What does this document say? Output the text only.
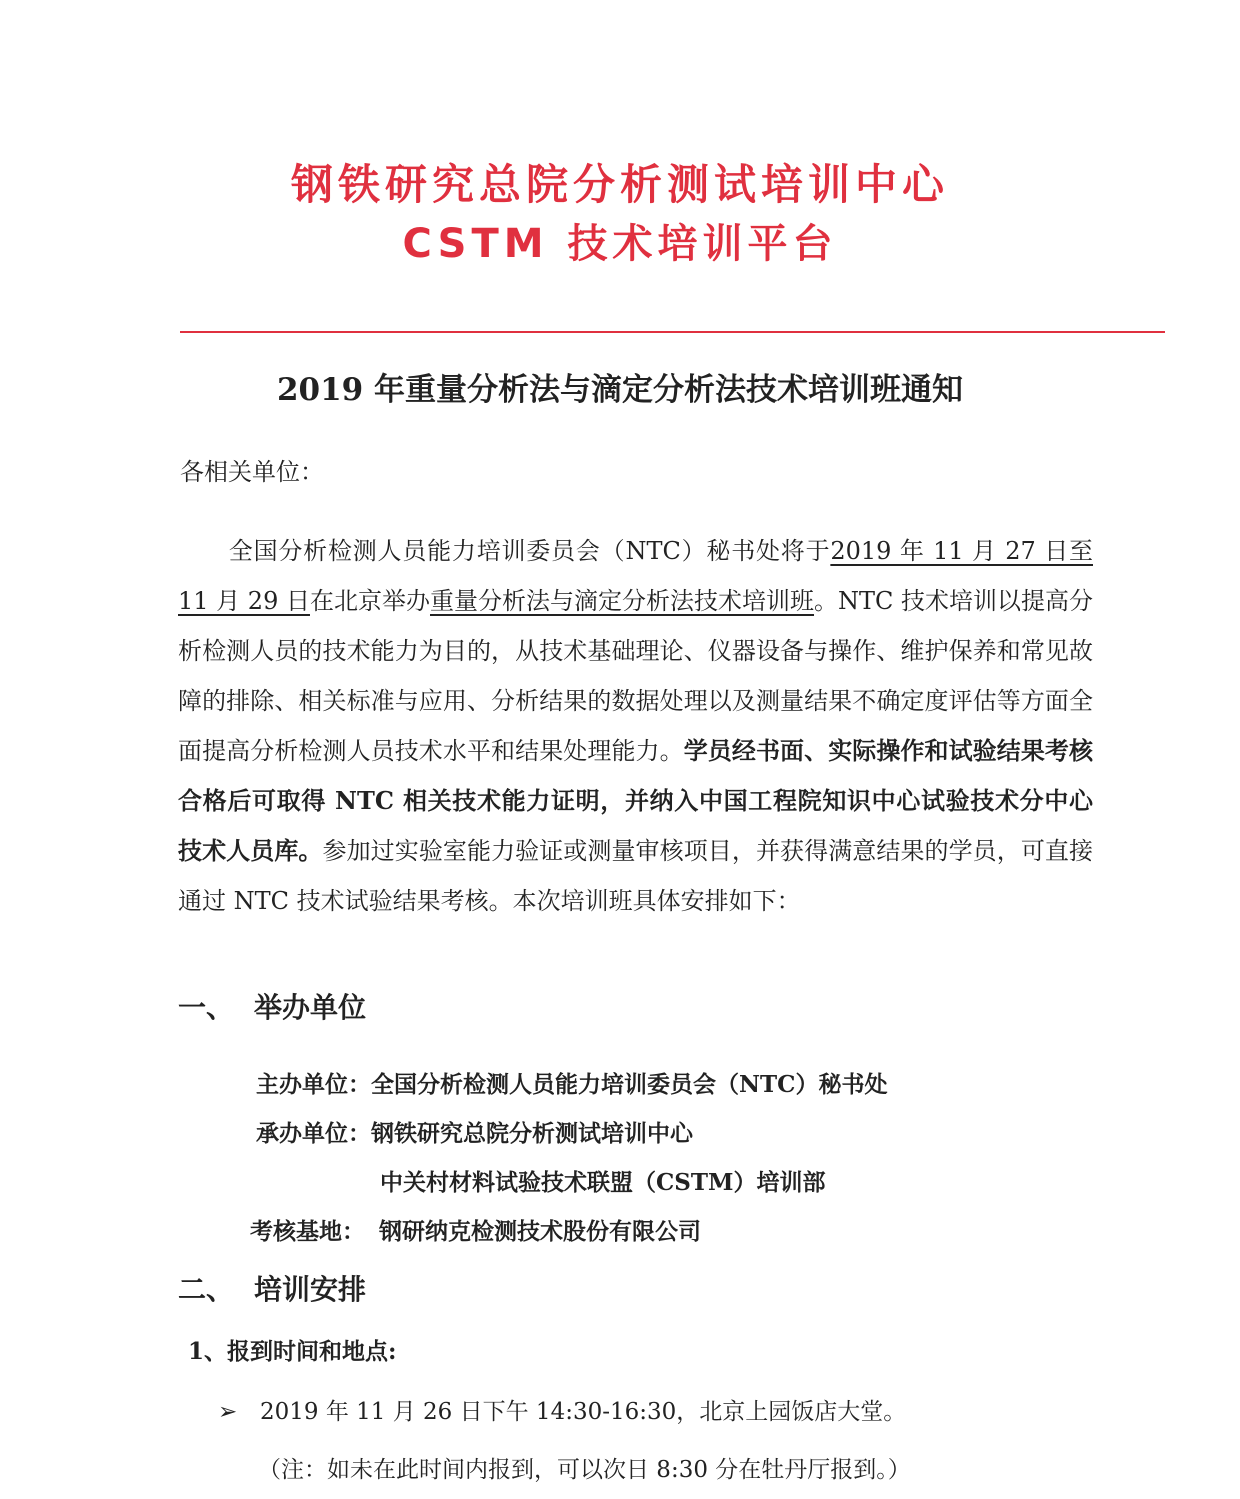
钢铁研究总院分析测试培训中心
CSTM 技术培训平台
2019 年重量分析法与滴定分析法技术培训班通知
各相关单位：
全国分析检测人员能力培训委员会（NTC）秘书处将于2019 年 11 月 27 日至 11 月 29 日在北京举办重量分析法与滴定分析法技术培训班。NTC 技术培训以提高分析检测人员的技术能力为目的，从技术基础理论、仪器设备与操作、维护保养和常见故障的排除、相关标准与应用、分析结果的数据处理以及测量结果不确定度评估等方面全面提高分析检测人员技术水平和结果处理能力。学员经书面、实际操作和试验结果考核合格后可取得 NTC 相关技术能力证明，并纳入中国工程院知识中心试验技术分中心技术人员库。参加过实验室能力验证或测量审核项目，并获得满意结果的学员，可直接通过 NTC 技术试验结果考核。本次培训班具体安排如下：
一、 举办单位
主办单位：全国分析检测人员能力培训委员会（NTC）秘书处
承办单位：钢铁研究总院分析测试培训中心
中关村材料试验技术联盟（CSTM）培训部
考核基地： 钢研纳克检测技术股份有限公司
二、 培训安排
1、报到时间和地点:
➢ 2019 年 11 月 26 日下午 14:30-16:30，北京上园饭店大堂。
（注：如未在此时间内报到，可以次日 8:30 分在牡丹厅报到。）
